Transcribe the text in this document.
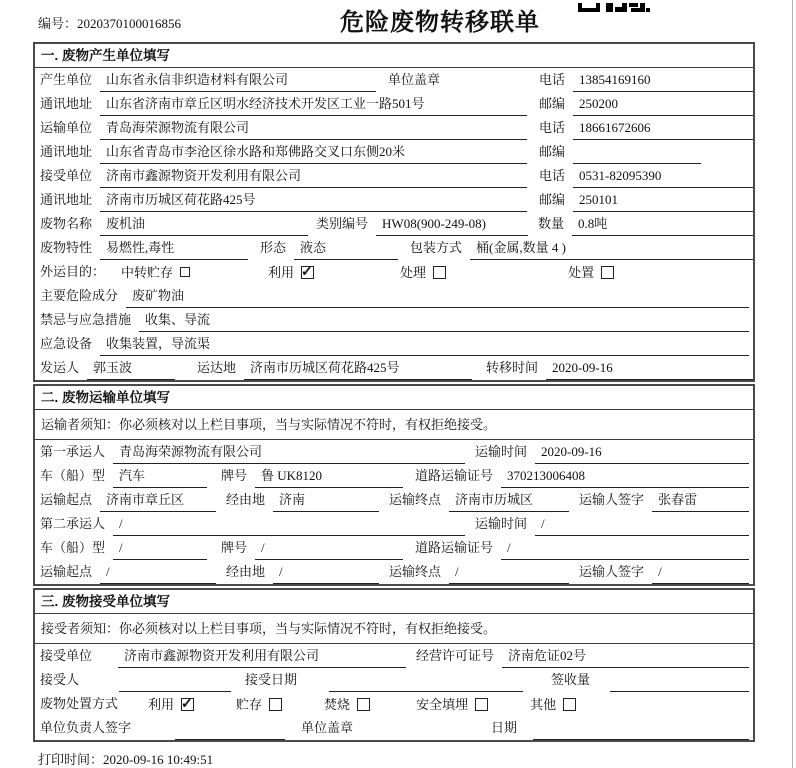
编号：2020370100016856	危险废物转移联单
一. 废物产生单位填写
产生单位	山东省永信非织造材料有限公司	单位盖章	电话	13854169160
通讯地址	山东省济南市章丘区明水经济技术开发区工业一路501号	邮编	250200
运输单位	青岛海荣源物流有限公司	电话	18661672606
通讯地址	山东省青岛市李沧区徐水路和郑佛路交叉口东侧20米	邮编
接受单位	济南市鑫源物资开发利用有限公司	电话	0531-82095390
通讯地址	济南市历城区荷花路425号	邮编	250101
废物名称	废机油	类别编号	HW08(900-249-08)	数量	0.8吨
废物特性	易燃性,毒性	形态	液态	包装方式	桶(金属,数量 4 )
外运目的： 中转贮存	利用 ✓	处理	处置
主要危险成分	废矿物油
禁忌与应急措施	收集、导流
应急设备	收集装置，导流渠
发运人	郭玉波	运达地	济南市历城区荷花路425号	转移时间	2020-09-16
二. 废物运输单位填写
运输者须知：你必须核对以上栏目事项，当与实际情况不符时，有权拒绝接受。
第一承运人	青岛海荣源物流有限公司	运输时间	2020-09-16
车（船）型	汽车	牌号	鲁 UK8120	道路运输证号	370213006408
运输起点	济南市章丘区	经由地	济南	运输终点	济南市历城区	运输人签字	张春雷
第二承运人	/	运输时间	/
车（船）型	/	牌号	/	道路运输证号	/
运输起点	/	经由地	/	运输终点	/	运输人签字	/
三. 废物接受单位填写
接受者须知：你必须核对以上栏目事项，当与实际情况不符时，有权拒绝接受。
接受单位	济南市鑫源物资开发利用有限公司	经营许可证号	济南危证02号
接受人	接受日期	签收量
废物处置方式 利用 ✓	贮存	焚烧	安全填埋	其他
单位负责人签字	单位盖章	日期
打印时间：2020-09-16 10:49:51
